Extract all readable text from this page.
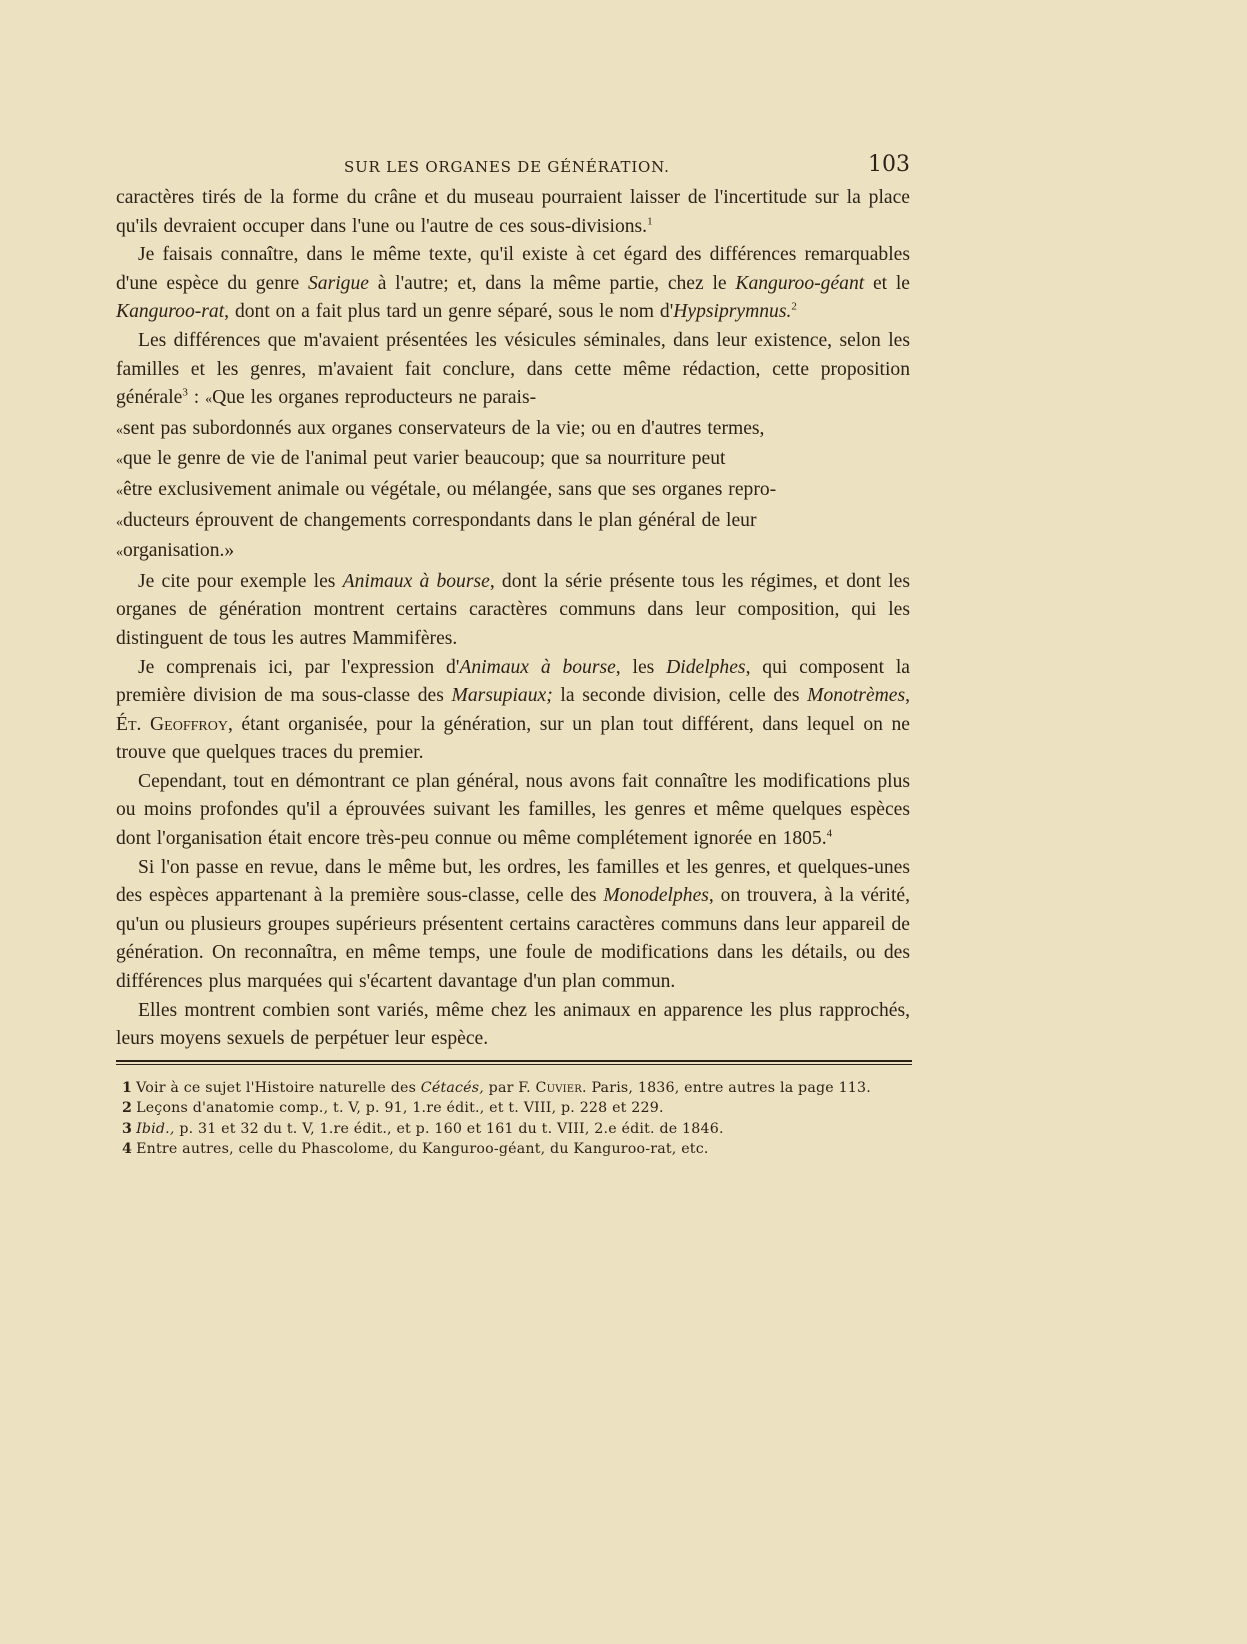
SUR LES ORGANES DE GÉNÉRATION.	103

caractères tirés de la forme du crâne et du museau pourraient laisser de l'incertitude sur la place qu'ils devraient occuper dans l'une ou l'autre de ces sous-divisions.$^1$

Je faisais connaître, dans le même texte, qu'il existe à cet égard des différences remarquables d'une espèce du genre Sarigue à l'autre; et, dans la même partie, chez le Kanguroo-géant et le Kanguroo-rat, dont on a fait plus tard un genre séparé, sous le nom d'Hypsiprymnus.$^2$

Les différences que m'avaient présentées les vésicules séminales, dans leur existence, selon les familles et les genres, m'avaient fait conclure, dans cette même rédaction, cette proposition générale$^3$ : «Que les organes reproducteurs ne parais-
«sent pas subordonnés aux organes conservateurs de la vie; ou en d'autres termes,
«que le genre de vie de l'animal peut varier beaucoup; que sa nourriture peut
«être exclusivement animale ou végétale, ou mélangée, sans que ses organes repro-
«ducteurs éprouvent de changements correspondants dans le plan général de leur
«organisation.»

Je cite pour exemple les Animaux à bourse, dont la série présente tous les régimes, et dont les organes de génération montrent certains caractères communs dans leur composition, qui les distinguent de tous les autres Mammifères.

Je comprenais ici, par l'expression d'Animaux à bourse, les Didelphes, qui composent la première division de ma sous-classe des Marsupiaux; la seconde division, celle des Monotrèmes, Ét. Geoffroy, étant organisée, pour la génération, sur un plan tout différent, dans lequel on ne trouve que quelques traces du premier.

Cependant, tout en démontrant ce plan général, nous avons fait connaître les modifications plus ou moins profondes qu'il a éprouvées suivant les familles, les genres et même quelques espèces dont l'organisation était encore très-peu connue ou même complétement ignorée en 1805.$^4$

Si l'on passe en revue, dans le même but, les ordres, les familles et les genres, et quelques-unes des espèces appartenant à la première sous-classe, celle des Monodelphes, on trouvera, à la vérité, qu'un ou plusieurs groupes supérieurs présentent certains caractères communs dans leur appareil de génération. On reconnaîtra, en même temps, une foule de modifications dans les détails, ou des différences plus marquées qui s'écartent davantage d'un plan commun.

Elles montrent combien sont variés, même chez les animaux en apparence les plus rapprochés, leurs moyens sexuels de perpétuer leur espèce.

1 Voir à ce sujet l'Histoire naturelle des Cétacés, par F. Cuvier. Paris, 1836, entre autres la page 113.

2 Leçons d'anatomie comp., t. V, p. 91, 1.re édit., et t. VIII, p. 228 et 229.

3 Ibid., p. 31 et 32 du t. V, 1.re édit., et p. 160 et 161 du t. VIII, 2.e édit. de 1846.

4 Entre autres, celle du Phascolome, du Kanguroo-géant, du Kanguroo-rat, etc.
